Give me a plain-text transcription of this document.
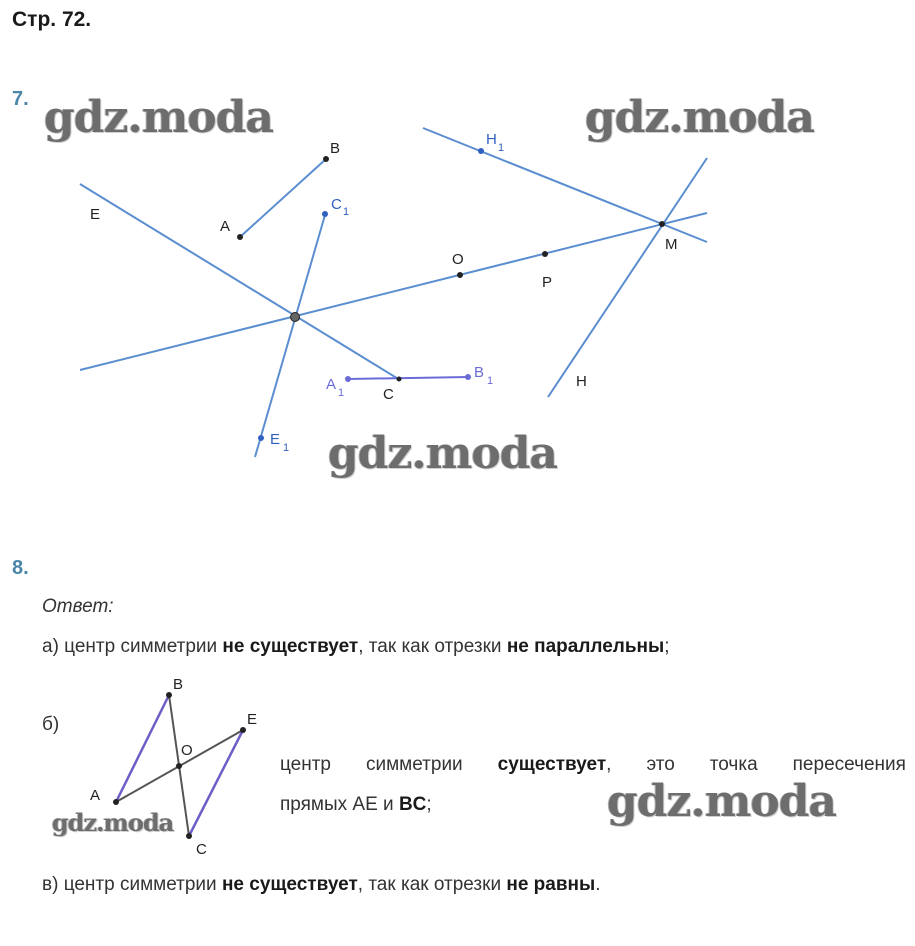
Стр. 72.
7.
B
A
C 1
E
H 1
M
O
P
A 1	C
B 1	H
E 1
gdz.moda	gdz.moda
gdz.moda
8.
Ответ:
а) центр симметрии не существует, так как отрезки не параллельны;
б)
A
B
C
E
O
gdz.moda
центр симметрии существует, это точка пересечения
прямых AE и BC;	gdz.moda
в) центр симметрии не существует, так как отрезки не равны.
